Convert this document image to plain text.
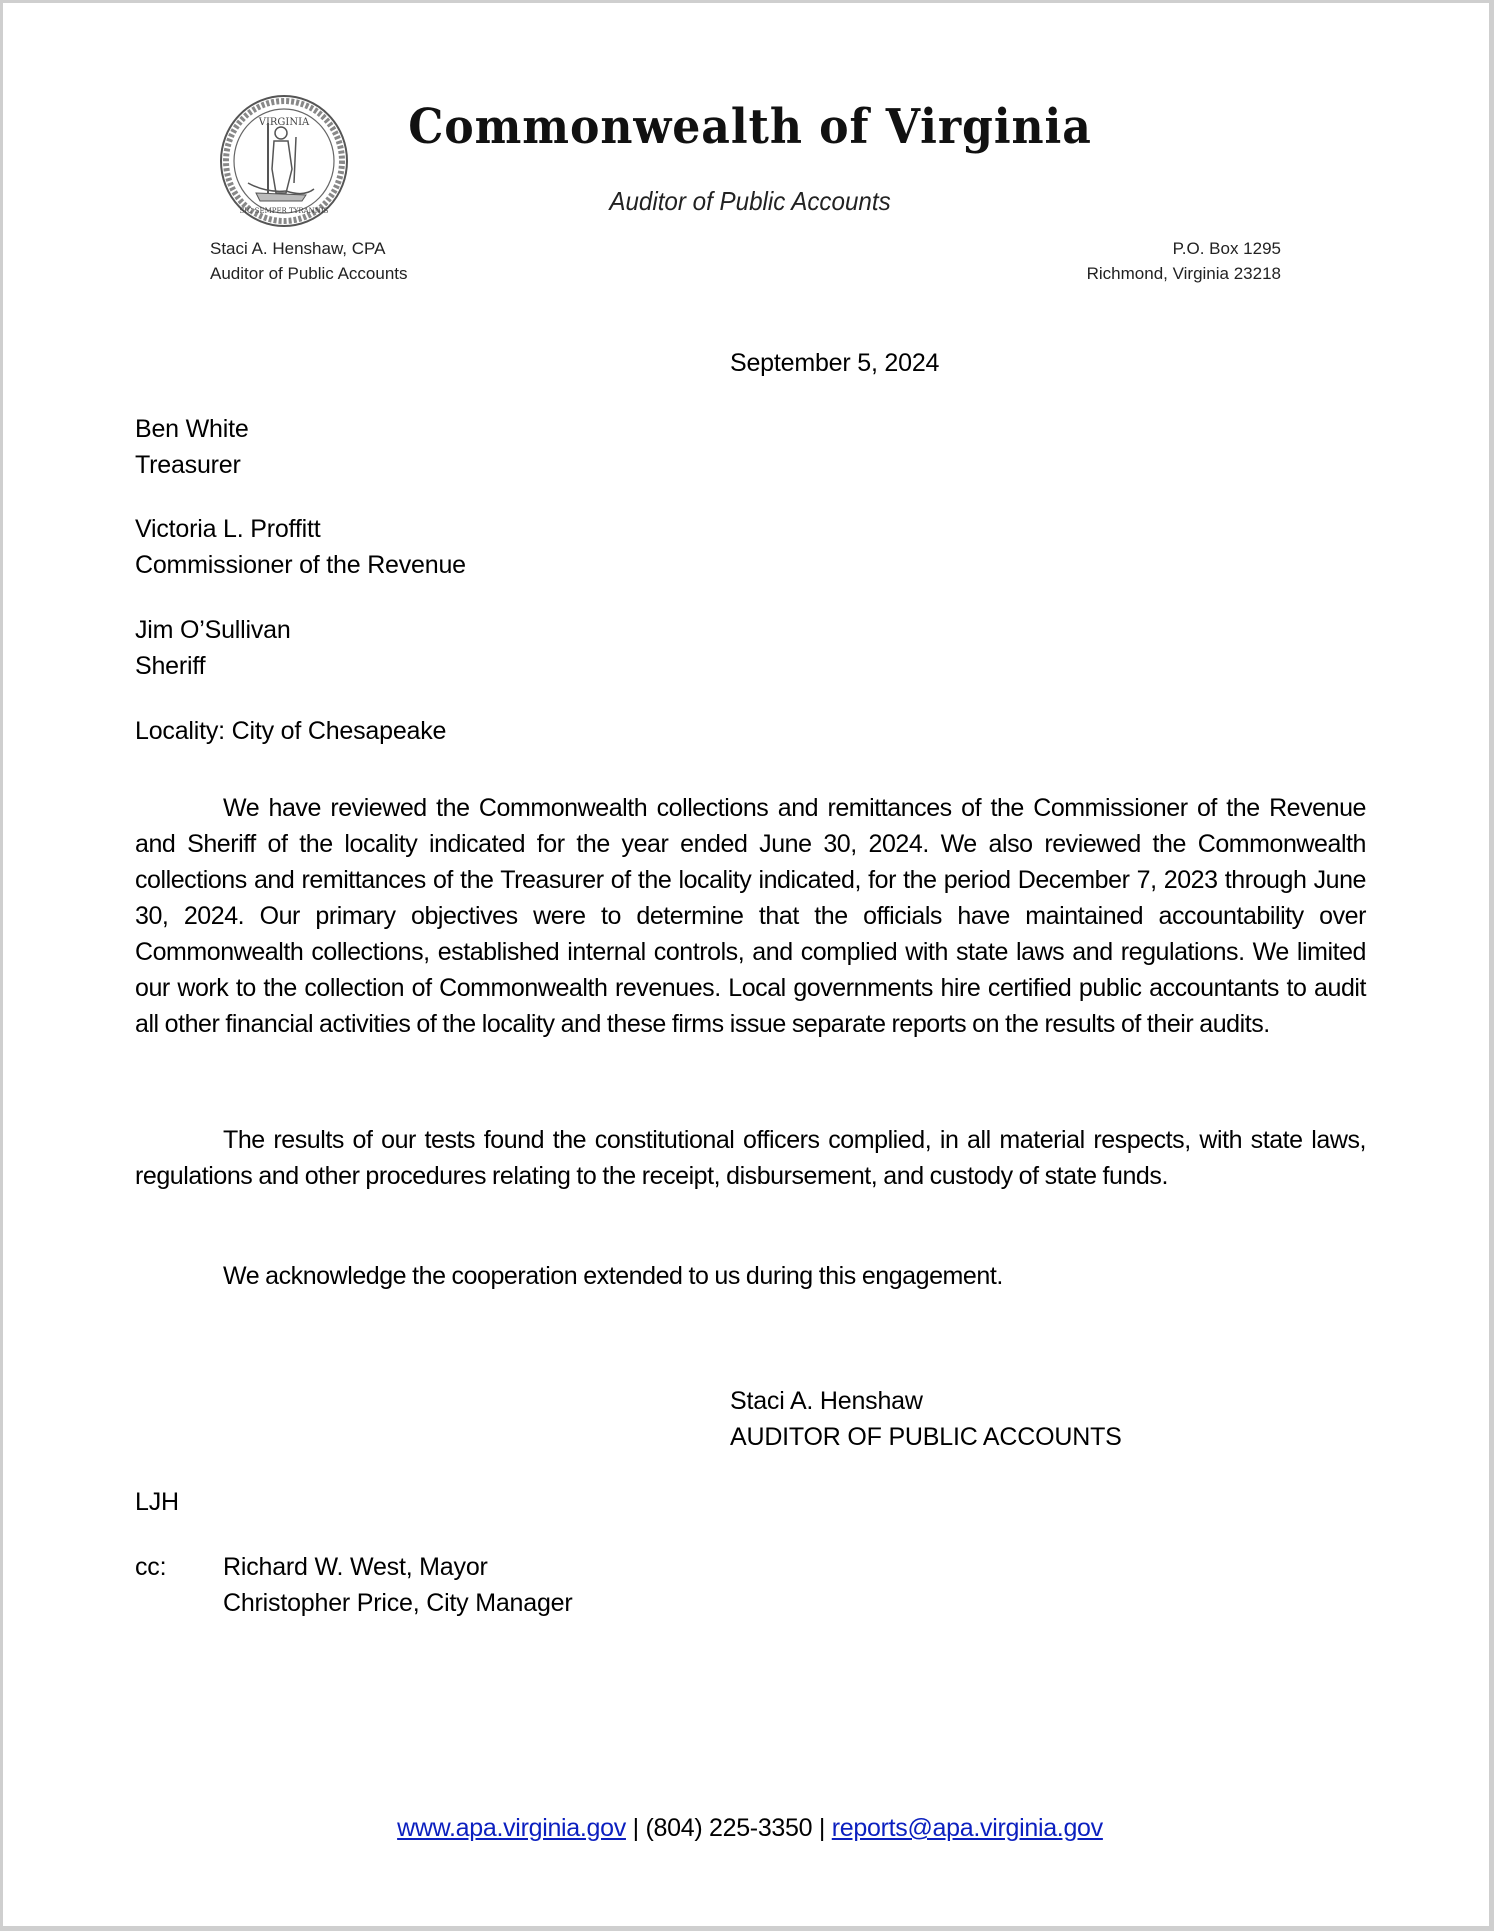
VIRGINIA
SIC SEMPER TYRANNIS
Commonwealth of Virginia
Auditor of Public Accounts
Staci A. Henshaw, CPA
Auditor of Public Accounts
P.O. Box 1295
Richmond, Virginia 23218
September 5, 2024
Ben White
Treasurer
Victoria L. Proffitt
Commissioner of the Revenue
Jim O’Sullivan
Sheriff
Locality: City of Chesapeake

We have reviewed the Commonwealth collections and remittances of the Commissioner of the Revenue and Sheriff of the locality indicated for the year ended June 30, 2024. We also reviewed the Commonwealth collections and remittances of the Treasurer of the locality indicated, for the period December 7, 2023 through June 30, 2024. Our primary objectives were to determine that the officials have maintained accountability over Commonwealth collections, established internal controls, and complied with state laws and regulations. We limited our work to the collection of Commonwealth revenues. Local governments hire certified public accountants to audit all other financial activities of the locality and these firms issue separate reports on the results of their audits.

The results of our tests found the constitutional officers complied, in all material respects, with state laws, regulations and other procedures relating to the receipt, disbursement, and custody of state funds.

We acknowledge the cooperation extended to us during this engagement.

Staci A. Henshaw
AUDITOR OF PUBLIC ACCOUNTS
LJH
cc: Richard W. West, Mayor
Christopher Price, City Manager
www.apa.virginia.gov | (804) 225-3350 | reports@apa.virginia.gov
